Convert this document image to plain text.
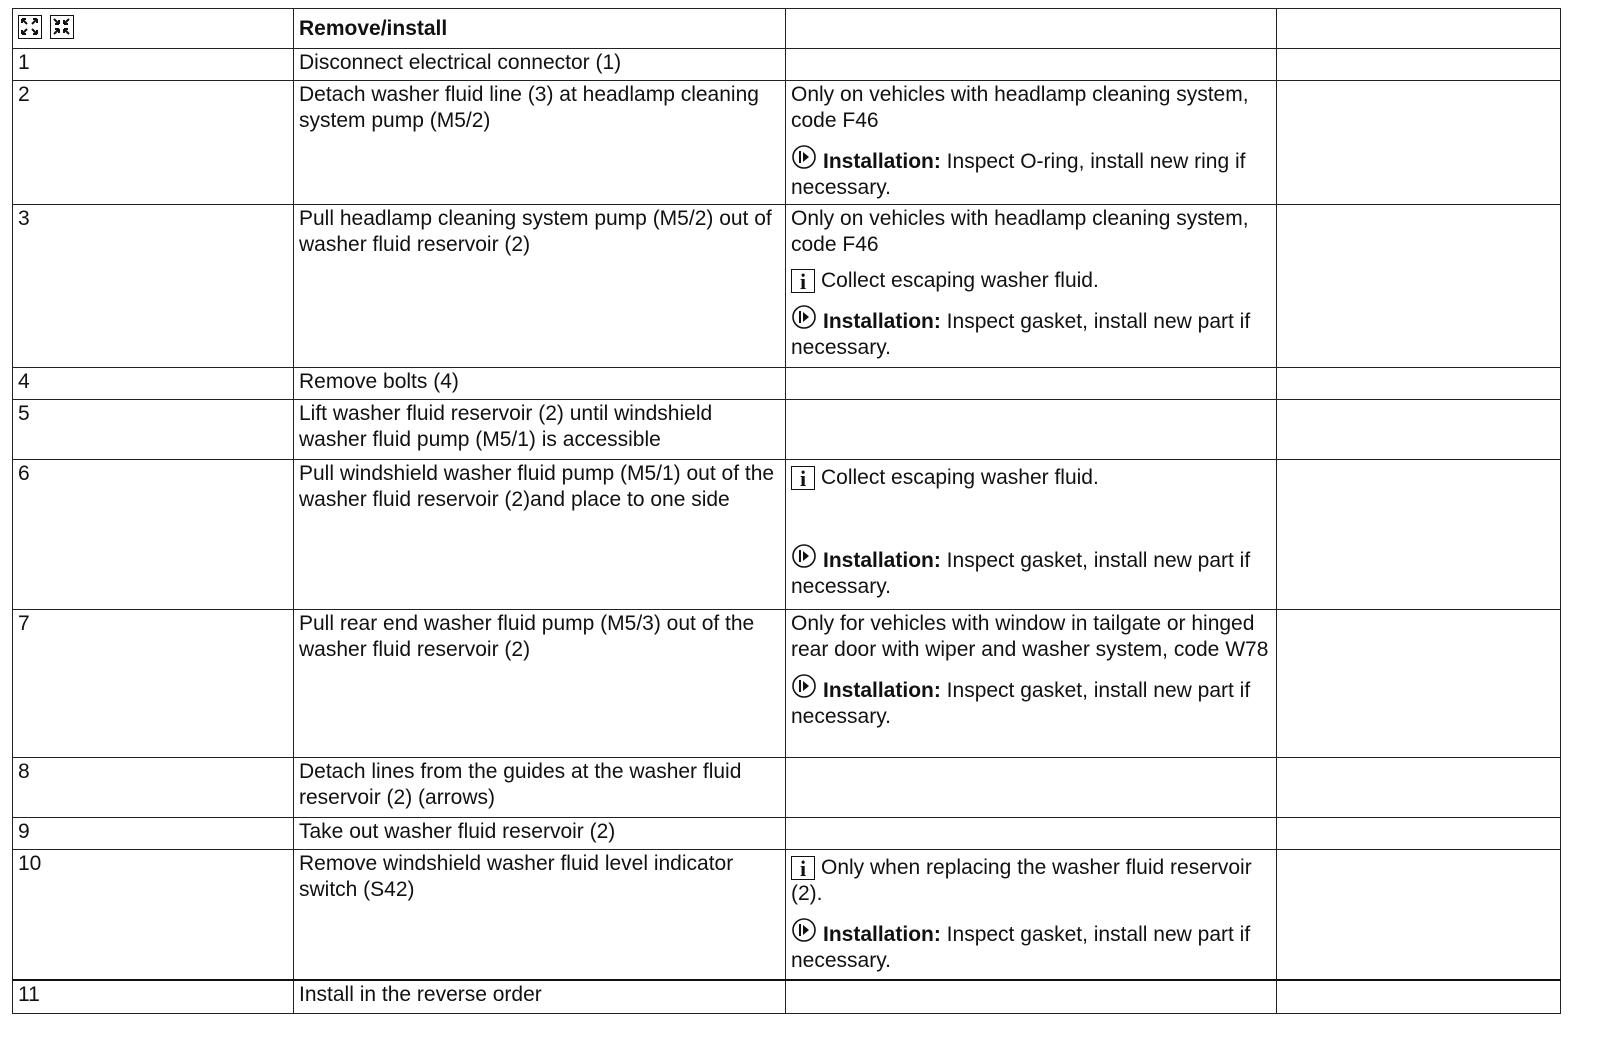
	Remove/install		
1	Disconnect electrical connector (1)		
2	Detach washer fluid line (3) at headlamp cleaning system pump (M5/2)	Only on vehicles with headlamp cleaning system, code F46

Installation: Inspect O-ring, install new ring if necessary.	

3	Pull headlamp cleaning system pump (M5/2) out of washer fluid reservoir (2)	Only on vehicles with headlamp cleaning system, code F46

i Collect escaping washer fluid.

Installation: Inspect gasket, install new part if necessary.	

4	Remove bolts (4)		
5	Lift washer fluid reservoir (2) until windshield washer fluid pump (M5/1) is accessible		
6	Pull windshield washer fluid pump (M5/1) out of the washer fluid reservoir (2)and place to one side	i Collect escaping washer fluid.

Installation: Inspect gasket, install new part if necessary.	

7	Pull rear end washer fluid pump (M5/3) out of the washer fluid reservoir (2)	Only for vehicles with window in tailgate or hinged rear door with wiper and washer system, code W78

Installation: Inspect gasket, install new part if necessary.	

8	Detach lines from the guides at the washer fluid reservoir (2) (arrows)		
9	Take out washer fluid reservoir (2)		
10	Remove windshield washer fluid level indicator switch (S42)	i Only when replacing the washer fluid reservoir (2).

Installation: Inspect gasket, install new part if necessary.	

11	Install in the reverse order		
